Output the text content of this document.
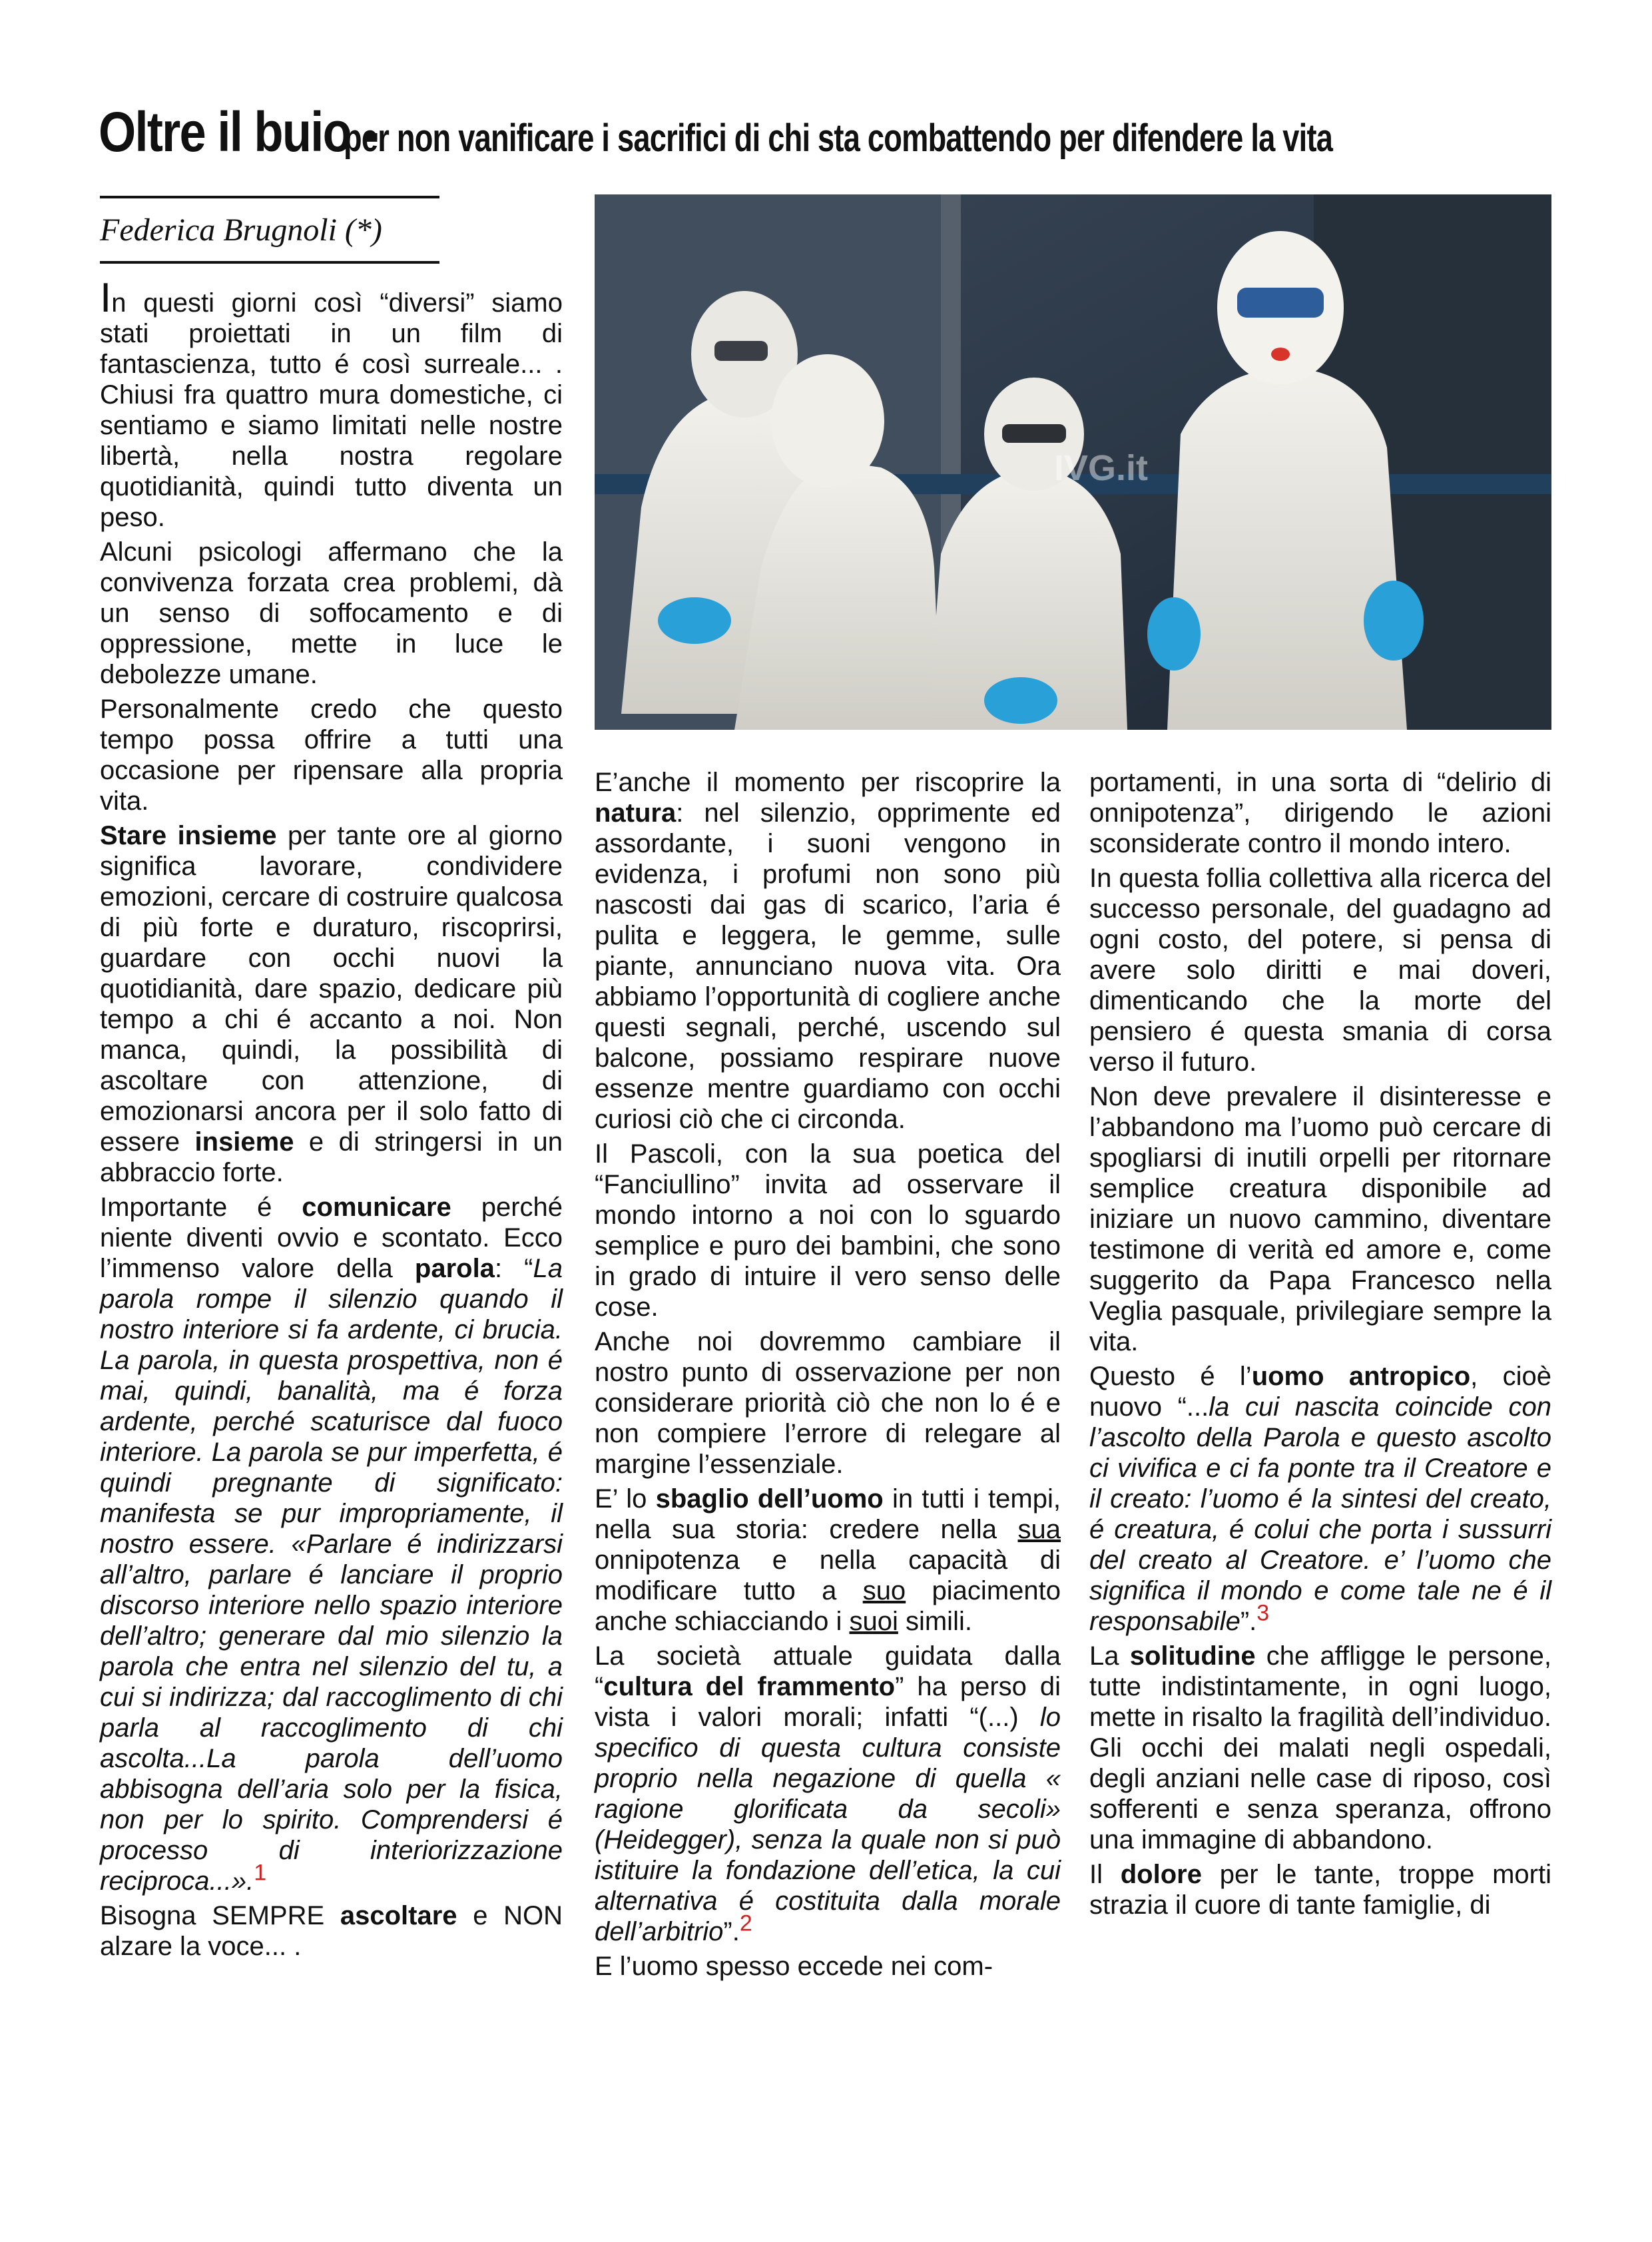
Oltre il buio -per non vanificare i sacrifici di chi sta combattendo per difendere la vita
Federica Brugnoli (*)
IVG.it

In questi giorni così “diversi” siamo stati proiettati in un film di fantascienza, tutto é così surreale... . Chiusi fra quattro mura domestiche, ci sentiamo e siamo limitati nelle nostre libertà, nella nostra regolare quotidianità, quindi tutto diventa un peso.

Alcuni psicologi affermano che la convivenza forzata crea problemi, dà un senso di soffocamento e di oppressione, mette in luce le debolezze umane.

Personalmente credo che questo tempo possa offrire a tutti una occasione per ripensare alla propria vita.

Stare insieme per tante ore al giorno significa lavorare, condividere emozioni, cercare di costruire qualcosa di più forte e duraturo, riscoprirsi, guardare con occhi nuovi la quotidianità, dare spazio, dedicare più tempo a chi é accanto a noi. Non manca, quindi, la possibilità di ascoltare con attenzione, di emozionarsi ancora per il solo fatto di essere insieme e di stringersi in un abbraccio forte.

Importante é comunicare perché niente diventi ovvio e scontato. Ecco l’immenso valore della parola: “La parola rompe il silenzio quando il nostro interiore si fa ardente, ci brucia. La parola, in questa prospettiva, non é mai, quindi, banalità, ma é forza ardente, perché scaturisce dal fuoco interiore. La parola se pur imperfetta, é quindi pregnante di significato: manifesta se pur impropriamente, il nostro essere. «Parlare é indirizzarsi all’altro, parlare é lanciare il proprio discorso interiore nello spazio interiore dell’altro; generare dal mio silenzio la parola che entra nel silenzio del tu, a cui si indirizza; dal raccoglimento di chi parla al raccoglimento di chi ascolta...La parola dell’uomo abbisogna dell’aria solo per la fisica, non per lo spirito. Comprendersi é processo di interiorizzazione reciproca...».$^1$

Bisogna SEMPRE ascoltare e NON alzare la voce... .

E’anche il momento per riscoprire la natura: nel silenzio, opprimente ed assordante, i suoni vengono in evidenza, i profumi non sono più nascosti dai gas di scarico, l’aria é pulita e leggera, le gemme, sulle piante, annunciano nuova vita. Ora abbiamo l’opportunità di cogliere anche questi segnali, perché, uscendo sul balcone, possiamo respirare nuove essenze mentre guardiamo con occhi curiosi ciò che ci circonda.

Il Pascoli, con la sua poetica del “Fanciullino” invita ad osservare il mondo intorno a noi con lo sguardo semplice e puro dei bambini, che sono in grado di intuire il vero senso delle cose.

Anche noi dovremmo cambiare il nostro punto di osservazione per non considerare priorità ciò che non lo é e non compiere l’errore di relegare al margine l’essenziale.

E’ lo sbaglio dell’uomo in tutti i tempi, nella sua storia: credere nella sua onnipotenza e nella capacità di modificare tutto a suo piacimento anche schiacciando i suoi simili.

La società attuale guidata dalla “cultura del frammento” ha perso di vista i valori morali; infatti “(...) lo specifico di questa cultura consiste proprio nella negazione di quella « ragione glorificata da secoli» (Heidegger), senza la quale non si può istituire la fondazione dell’etica, la cui alternativa é costituita dalla morale dell’arbitrio”.$^2$

E l’uomo spesso eccede nei com-

portamenti, in una sorta di “delirio di onnipotenza”, dirigendo le azioni sconsiderate contro il mondo intero.

In questa follia collettiva alla ricerca del successo personale, del guadagno ad ogni costo, del potere, si pensa di avere solo diritti e mai doveri, dimenticando che la morte del pensiero é questa smania di corsa verso il futuro.

Non deve prevalere il disinteresse e l’abbandono ma l’uomo può cercare di spogliarsi di inutili orpelli per ritornare semplice creatura disponibile ad iniziare un nuovo cammino, diventare testimone di verità ed amore e, come suggerito da Papa Francesco nella Veglia pasquale, privilegiare sempre la vita.

Questo é l’uomo antropico, cioè nuovo “...la cui nascita coincide con l’ascolto della Parola e questo ascolto ci vivifica e ci fa ponte tra il Creatore e il creato: l’uomo é la sintesi del creato, é creatura, é colui che porta i sussurri del creato al Creatore. e’ l’uomo che significa il mondo e come tale ne é il responsabile”.$^3$

La solitudine che affligge le persone, tutte indistintamente, in ogni luogo, mette in risalto la fragilità dell’individuo. Gli occhi dei malati negli ospedali, degli anziani nelle case di riposo, così sofferenti e senza speranza, offrono una immagine di abbandono.

Il dolore per le tante, troppe morti strazia il cuore di tante famiglie, di
